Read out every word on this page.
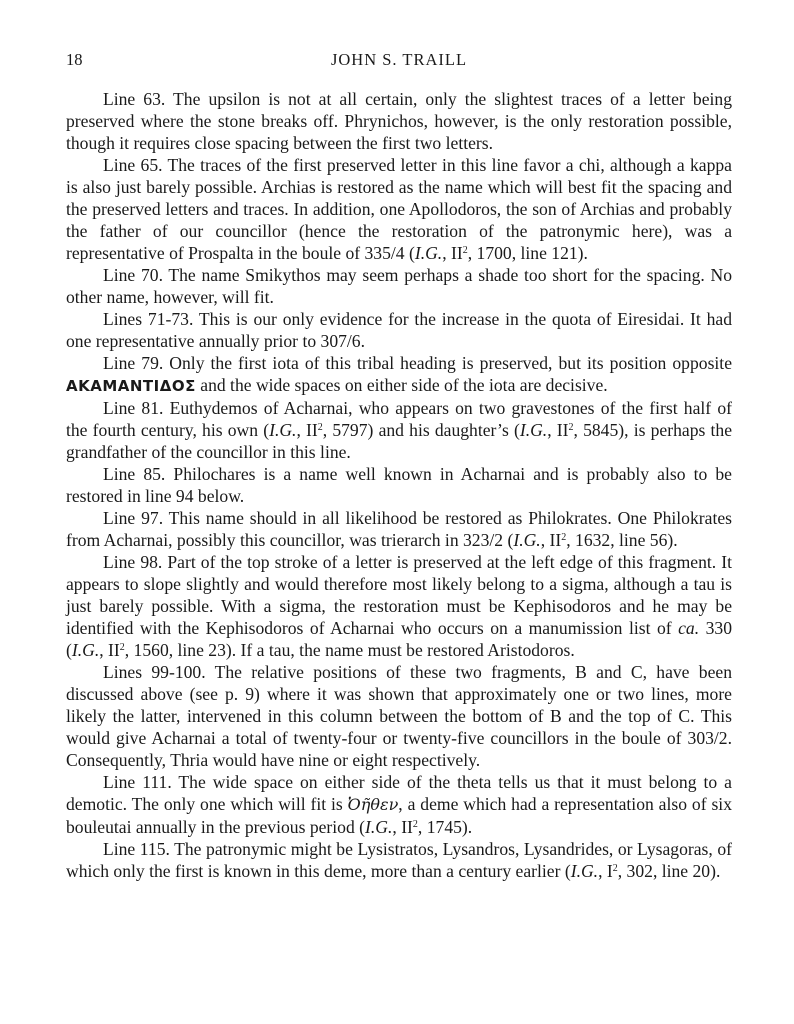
18	JOHN S. TRAILL

Line 63. The upsilon is not at all certain, only the slightest traces of a letter being preserved where the stone breaks off. Phrynichos, however, is the only restoration possible, though it requires close spacing between the first two letters.

Line 65. The traces of the first preserved letter in this line favor a chi, although a kappa is also just barely possible. Archias is restored as the name which will best fit the spacing and the preserved letters and traces. In addition, one Apollodoros, the son of Archias and probably the father of our councillor (hence the restoration of the patronymic here), was a representative of Prospalta in the boule of 335/4 (I.G., $II^2$, 1700, line 121).

Line 70. The name Smikythos may seem perhaps a shade too short for the spacing. No other name, however, will fit.

Lines 71-73. This is our only evidence for the increase in the quota of Eiresidai. It had one representative annually prior to 307/6.

Line 79. Only the first iota of this tribal heading is preserved, but its position opposite ΑΚΑΜΑΝΤΙΔΟΣ and the wide spaces on either side of the iota are decisive.

Line 81. Euthydemos of Acharnai, who appears on two gravestones of the first half of the fourth century, his own (I.G., $II^2$, 5797) and his daughter’s (I.G., $II^2$, 5845), is perhaps the grandfather of the councillor in this line.

Line 85. Philochares is a name well known in Acharnai and is probably also to be restored in line 94 below.

Line 97. This name should in all likelihood be restored as Philokrates. One Philokrates from Acharnai, possibly this councillor, was trierarch in 323/2 (I.G., $II^2$, 1632, line 56).

Line 98. Part of the top stroke of a letter is preserved at the left edge of this fragment. It appears to slope slightly and would therefore most likely belong to a sigma, although a tau is just barely possible. With a sigma, the restoration must be Kephisodoros and he may be identified with the Kephisodoros of Acharnai who occurs on a manumission list of ca. 330 (I.G., $II^2$, 1560, line 23). If a tau, the name must be restored Aristodoros.

Lines 99-100. The relative positions of these two fragments, B and C, have been discussed above (see p. 9) where it was shown that approximately one or two lines, more likely the latter, intervened in this column between the bottom of B and the top of C. This would give Acharnai a total of twenty-four or twenty-five councillors in the boule of 303/2. Consequently, Thria would have nine or eight respectively.

Line 111. The wide space on either side of the theta tells us that it must belong to a demotic. The only one which will fit is Ὀῆθεν, a deme which had a representation also of six bouleutai annually in the previous period (I.G., $II^2$, 1745).

Line 115. The patronymic might be Lysistratos, Lysandros, Lysandrides, or Lysagoras, of which only the first is known in this deme, more than a century earlier (I.G., $I^2$, 302, line 20).
